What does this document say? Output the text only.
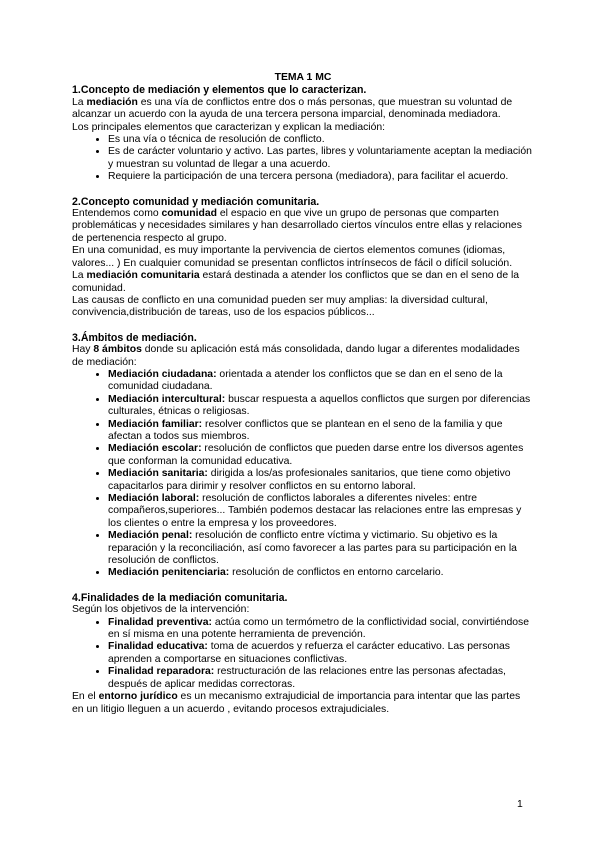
TEMA 1 MC

1.Concepto de mediación y elementos que lo caracterizan.

La mediación es una vía de conflictos entre dos o más personas, que muestran su voluntad de alcanzar un acuerdo con la ayuda de una tercera persona imparcial, denominada mediadora.

Los principales elementos que caracterizan y explican la mediación:

• Es una vía o técnica de resolución de conflicto.
• Es de carácter voluntario y activo. Las partes, libres y voluntariamente aceptan la mediación y muestran su voluntad de llegar a una acuerdo.
• Requiere la participación de una tercera persona (mediadora), para facilitar el acuerdo.
2.Concepto comunidad y mediación comunitaria.

Entendemos como comunidad el espacio en que vive un grupo de personas que comparten problemáticas y necesidades similares y han desarrollado ciertos vínculos entre ellas y relaciones de pertenencia respecto al grupo.

En una comunidad, es muy importante la pervivencia de ciertos elementos comunes (idiomas, valores... ) En cualquier comunidad se presentan conflictos intrínsecos de fácil o difícil solución.

La mediación comunitaria estará destinada a atender los conflictos que se dan en el seno de la comunidad.

Las causas de conflicto en una comunidad pueden ser muy amplias: la diversidad cultural, convivencia,distribución de tareas, uso de los espacios públicos...

3.Ámbitos de mediación.

Hay 8 ámbitos donde su aplicación está más consolidada, dando lugar a diferentes modalidades de mediación:

• Mediación ciudadana: orientada a atender los conflictos que se dan en el seno de la comunidad ciudadana.
• Mediación intercultural: buscar respuesta a aquellos conflictos que surgen por diferencias culturales, étnicas o religiosas.
• Mediación familiar: resolver conflictos que se plantean en el seno de la familia y que afectan a todos sus miembros.
• Mediación escolar: resolución de conflictos que pueden darse entre los diversos agentes que conforman la comunidad educativa.
• Mediación sanitaria: dirigida a los/as profesionales sanitarios, que tiene como objetivo capacitarlos para dirimir y resolver conflictos en su entorno laboral.
• Mediación laboral: resolución de conflictos laborales a diferentes niveles: entre compañeros,superiores... También podemos destacar las relaciones entre las empresas y los clientes o entre la empresa y los proveedores.
• Mediación penal: resolución de conflicto entre víctima y victimario. Su objetivo es la reparación y la reconciliación, así como favorecer a las partes para su participación en la resolución de conflictos.
• Mediación penitenciaria: resolución de conflictos en entorno carcelario.
4.Finalidades de la mediación comunitaria.

Según los objetivos de la intervención:

• Finalidad preventiva: actúa como un termómetro de la conflictividad social, convirtiéndose en sí misma en una potente herramienta de prevención.
• Finalidad educativa: toma de acuerdos y refuerza el carácter educativo. Las personas aprenden a comportarse en situaciones conflictivas.
• Finalidad reparadora: restructuración de las relaciones entre las personas afectadas, después de aplicar medidas correctoras.

En el entorno jurídico es un mecanismo extrajudicial de importancia para intentar que las partes en un litigio lleguen a un acuerdo , evitando procesos extrajudiciales.

1
